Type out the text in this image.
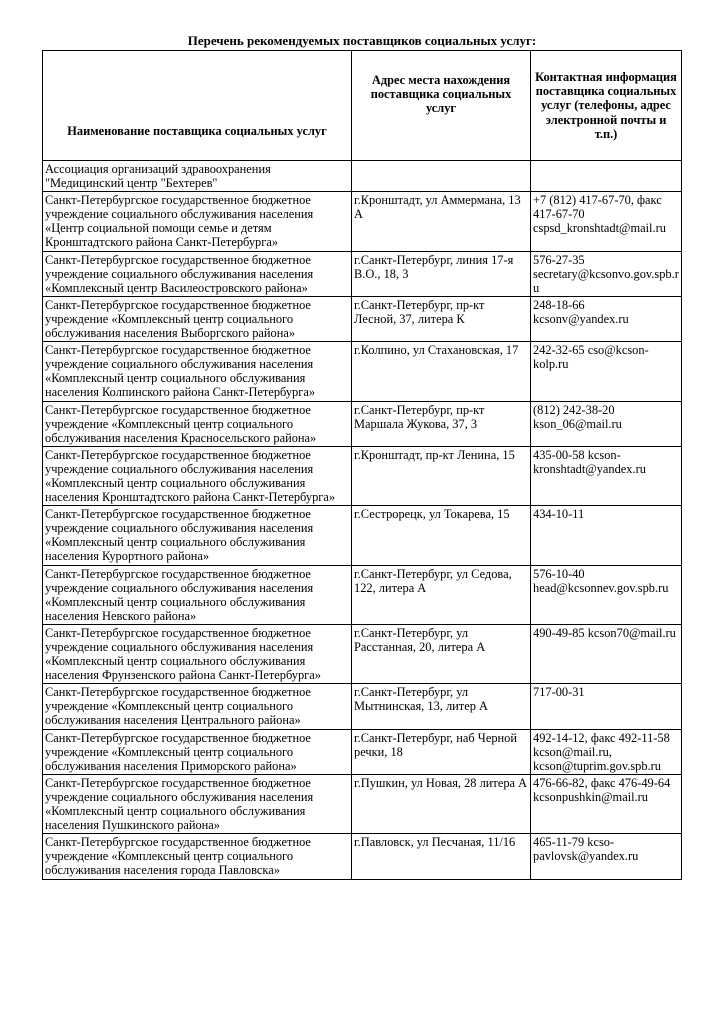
Перечень рекомендуемых поставщиков социальных услуг:
Наименование поставщика социальных услуг	Адрес места нахождения поставщика социальных услуг	Контактная информация поставщика социальных услуг (телефоны, адрес электронной почты и т.п.)
Ассоциация организаций здравоохранения "Медицинский центр "Бехтерев"		
Санкт-Петербургское государственное бюджетное учреждение социального обслуживания населения «Центр социальной помощи семье и детям Кронштадтского района Санкт-Петербурга»	г.Кронштадт, ул Аммермана, 13 А	+7 (812) 417-67-70, факс 417-67-70 cspsd_kronshtadt@mail.ru
Санкт-Петербургское государственное бюджетное учреждение социального обслуживания населения «Комплексный центр Василеостровского района»	г.Санкт-Петербург, линия 17-я В.О., 18, 3	576-27-35 secretary@kcsonvo.gov.spb.ru
Санкт-Петербургское государственное бюджетное учреждение «Комплексный центр социального обслуживания населения Выборгского района»	г.Санкт-Петербург, пр-кт Лесной, 37, литера К	248-18-66 kcsonv@yandex.ru
Санкт-Петербургское государственное бюджетное учреждение социального обслуживания населения «Комплексный центр социального обслуживания населения Колпинского района Санкт-Петербурга»	г.Колпино, ул Стахановская, 17	242-32-65 cso@kcson-kolp.ru
Санкт-Петербургское государственное бюджетное учреждение «Комплексный центр социального обслуживания населения Красносельского района»	г.Санкт-Петербург, пр-кт Маршала Жукова, 37, 3	(812) 242-38-20 kson_06@mail.ru
Санкт-Петербургское государственное бюджетное учреждение социального обслуживания населения «Комплексный центр социального обслуживания населения Кронштадтского района Санкт-Петербурга»	г.Кронштадт, пр-кт Ленина, 15	435-00-58 kcson-kronshtadt@yandex.ru
Санкт-Петербургское государственное бюджетное учреждение социального обслуживания населения «Комплексный центр социального обслуживания населения Курортного района»	г.Сестрорецк, ул Токарева, 15	434-10-11
Санкт-Петербургское государственное бюджетное учреждение социального обслуживания населения «Комплексный центр социального обслуживания населения Невского района»	г.Санкт-Петербург, ул Седова, 122, литера А	576-10-40 head@kcsonnev.gov.spb.ru
Санкт-Петербургское государственное бюджетное учреждение социального обслуживания населения «Комплексный центр социального обслуживания населения Фрунзенского района Санкт-Петербурга»	г.Санкт-Петербург, ул Расстанная, 20, литера А	490-49-85 kcson70@mail.ru
Санкт-Петербургское государственное бюджетное учреждение «Комплексный центр социального обслуживания населения Центрального района»	г.Санкт-Петербург, ул Мытнинская, 13, литер А	717-00-31
Санкт-Петербургское государственное бюджетное учреждение «Комплексный центр социального обслуживания населения Приморского района»	г.Санкт-Петербург, наб Черной речки, 18	492-14-12, факс 492-11-58 kcson@mail.ru, kcson@tuprim.gov.spb.ru
Санкт-Петербургское государственное бюджетное учреждение социального обслуживания населения «Комплексный центр социального обслуживания населения Пушкинского района»	г.Пушкин, ул Новая, 28 литера А	476-66-82, факс 476-49-64 kcsonpushkin@mail.ru
Санкт-Петербургское государственное бюджетное учреждение «Комплексный центр социального обслуживания населения города Павловска»	г.Павловск, ул Песчаная, 11/16	465-11-79 kcso-pavlovsk@yandex.ru
